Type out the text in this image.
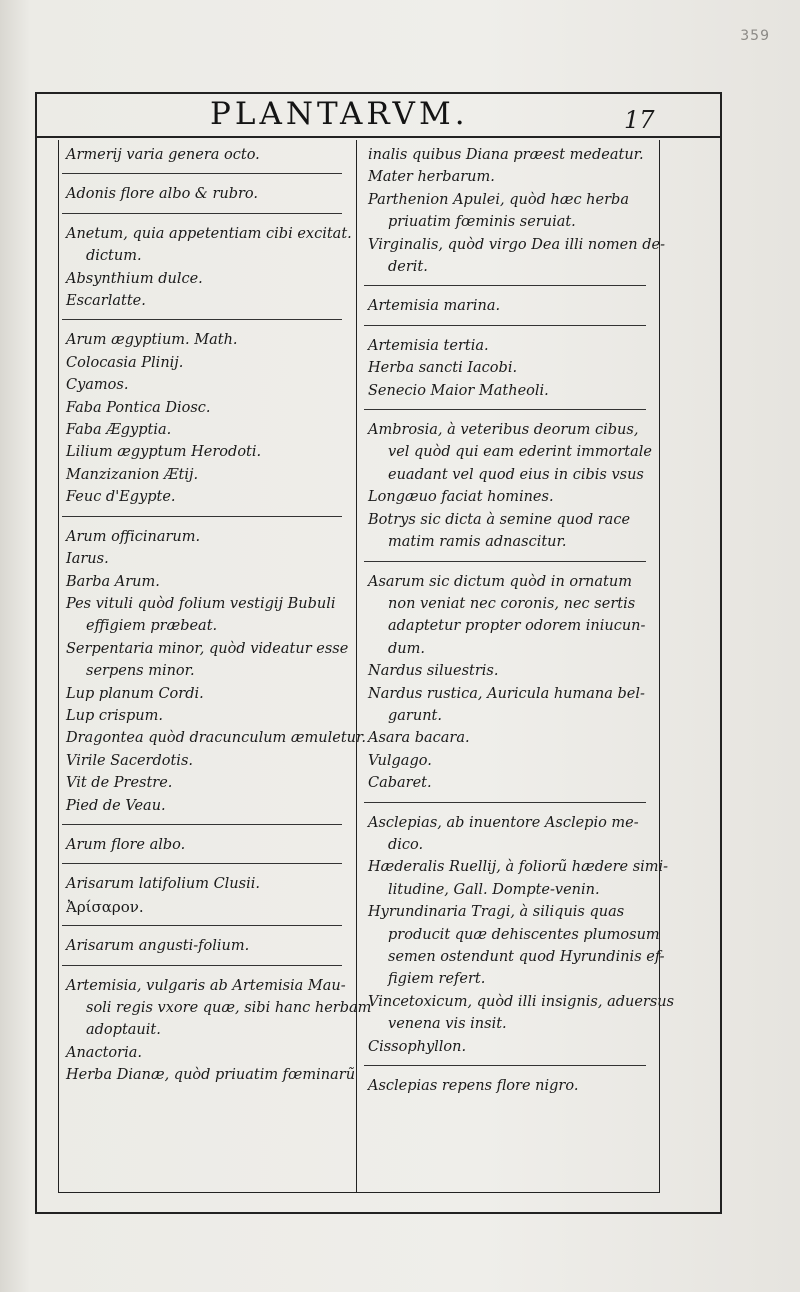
359
PLANTARVM.	17
Armerij varia genera octo.
Adonis flore albo & rubro.
Anetum, quia appetentiam cibi excitat.
dictum.
Absynthium dulce.
Escarlatte.
Arum ægyptium. Math.
Colocasia Plinij.
Cyamos.
Faba Pontica Diosc.
Faba Ægyptia.
Lilium ægyptum Herodoti.
Manzizanion Ætij.
Feuc d'Egypte.
Arum officinarum.
Iarus.
Barba Arum.
Pes vituli quòd folium vestigij Bubuli
effigiem præbeat.
Serpentaria minor, quòd videatur esse
serpens minor.
Lup planum Cordi.
Lup crispum.
Dragontea quòd dracunculum æmuletur.
Virile Sacerdotis.
Vit de Prestre.
Pied de Veau.
Arum flore albo.
Arisarum latifolium Clusii.
Ἀρίσαρον.
Arisarum angusti-folium.
Artemisia, vulgaris ab Artemisia Mau-
soli regis vxore quæ, sibi hanc herbam
adoptauit.
Anactoria.
Herba Dianæ, quòd priuatim fœminarũ
inalis quibus Diana præest medeatur.
Mater herbarum.
Parthenion Apulei, quòd hæc herba
priuatim fœminis seruiat.
Virginalis, quòd virgo Dea illi nomen de-
derit.
Artemisia marina.
Artemisia tertia.
Herba sancti Iacobi.
Senecio Maior Matheoli.
Ambrosia, à veteribus deorum cibus,
vel quòd qui eam ederint immortale
euadant vel quod eius in cibis vsus
Longæuo faciat homines.
Botrys sic dicta à semine quod race
matim ramis adnascitur.
Asarum sic dictum quòd in ornatum
non veniat nec coronis, nec sertis
adaptetur propter odorem iniucun-
dum.
Nardus siluestris.
Nardus rustica, Auricula humana bel-
garunt.
Asara bacara.
Vulgago.
Cabaret.
Asclepias, ab inuentore Asclepio me-
dico.
Hæderalis Ruellij, à foliorũ hædere simi-
litudine, Gall. Dompte-venin.
Hyrundinaria Tragi, à siliquis quas
producit quæ dehiscentes plumosum
semen ostendunt quod Hyrundinis ef-
figiem refert.
Vincetoxicum, quòd illi insignis, aduersus
venena vis insit.
Cissophyllon.
Asclepias repens flore nigro.
